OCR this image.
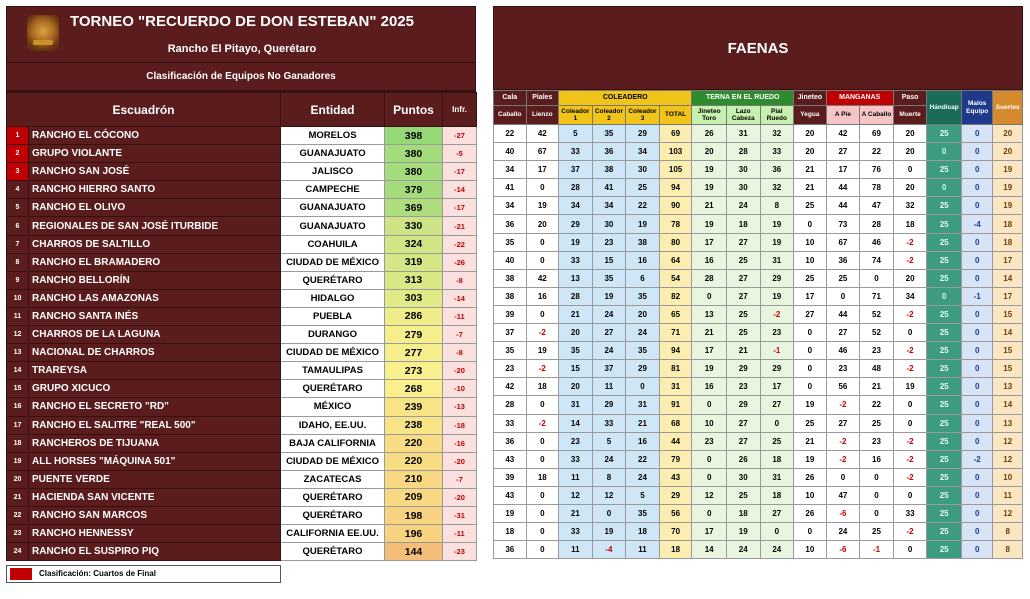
TORNEO "RECUERDO DE DON ESTEBAN" 2025
Rancho El Pitayo, Querétaro
Clasificación de Equipos No Ganadores
Escuadrón		Entidad	Puntos	Infr.
1	RANCHO EL CÓCONO	MORELOS	398	-27
2	GRUPO VIOLANTE	GUANAJUATO	380	-5
3	RANCHO SAN JOSÉ	JALISCO	380	-17
4	RANCHO HIERRO SANTO	CAMPECHE	379	-14
5	RANCHO EL OLIVO	GUANAJUATO	369	-17
6	REGIONALES DE SAN JOSÉ ITURBIDE	GUANAJUATO	330	-21
7	CHARROS DE SALTILLO	COAHUILA	324	-22
8	RANCHO EL BRAMADERO	CIUDAD DE MÉXICO	319	-26
9	RANCHO BELLORÍN	QUERÉTARO	313	-8
10	RANCHO LAS AMAZONAS	HIDALGO	303	-14
11	RANCHO SANTA INÉS	PUEBLA	286	-11
12	CHARROS DE LA LAGUNA	DURANGO	279	-7
13	NACIONAL DE CHARROS	CIUDAD DE MÉXICO	277	-8
14	TRAREYSA	TAMAULIPAS	273	-20
15	GRUPO XICUCO	QUERÉTARO	268	-10
16	RANCHO EL SECRETO "RD"	MÉXICO	239	-13
17	RANCHO EL SALITRE "REAL 500"	IDAHO, EE.UU.	238	-18
18	RANCHEROS DE TIJUANA	BAJA CALIFORNIA	220	-16
19	ALL HORSES "MÁQUINA 501"	CIUDAD DE MÉXICO	220	-20
20	PUENTE VERDE	ZACATECAS	210	-7
21	HACIENDA SAN VICENTE	QUERÉTARO	209	-20
22	RANCHO SAN MARCOS	QUERÉTARO	198	-31
23	RANCHO HENNESSY	CALIFORNIA EE.UU.	196	-11
24	RANCHO EL SUSPIRO PIQ	QUERÉTARO	144	-23
Clasificación: Cuartos de Final
FAENAS
Cala	Piales	COLEADERO				TERNA EN EL RUEDO			Jineteo	MANGANAS		Paso	Hándicap	Malos Equipo	Suertes
Caballo	Lienzo	Coleador 1	Coleador 2	Coleador 3	TOTAL	Jineteo Toro	Lazo Cabeza	Pial Ruedo	Yegua	A Pie	A Caballo	Muerte			
22	42	5	35	29	69	26	31	32	20	42	69	20	25	0	20
40	67	33	36	34	103	20	28	33	20	27	22	20	0	0	20
34	17	37	38	30	105	19	30	36	21	17	76	0	25	0	19
41	0	28	41	25	94	19	30	32	21	44	78	20	0	0	19
34	19	34	34	22	90	21	24	8	25	44	47	32	25	0	19
36	20	29	30	19	78	19	18	19	0	73	28	18	25	-4	18
35	0	19	23	38	80	17	27	19	10	67	46	-2	25	0	18
40	0	33	15	16	64	16	25	31	10	36	74	-2	25	0	17
38	42	13	35	6	54	28	27	29	25	25	0	20	25	0	14
38	16	28	19	35	82	0	27	19	17	0	71	34	0	-1	17
39	0	21	24	20	65	13	25	-2	27	44	52	-2	25	0	15
37	-2	20	27	24	71	21	25	23	0	27	52	0	25	0	14
35	19	35	24	35	94	17	21	-1	0	46	23	-2	25	0	15
23	-2	15	37	29	81	19	29	29	0	23	48	-2	25	0	15
42	18	20	11	0	31	16	23	17	0	56	21	19	25	0	13
28	0	31	29	31	91	0	29	27	19	-2	22	0	25	0	14
33	-2	14	33	21	68	10	27	0	25	27	25	0	25	0	13
36	0	23	5	16	44	23	27	25	21	-2	23	-2	25	0	12
43	0	33	24	22	79	0	26	18	19	-2	16	-2	25	-2	12
39	18	11	8	24	43	0	30	31	26	0	0	-2	25	0	10
43	0	12	12	5	29	12	25	18	10	47	0	0	25	0	11
19	0	21	0	35	56	0	18	27	26	-6	0	33	25	0	12
18	0	33	19	18	70	17	19	0	0	24	25	-2	25	0	8
36	0	11	-4	11	18	14	24	24	10	-6	-1	0	25	0	8
